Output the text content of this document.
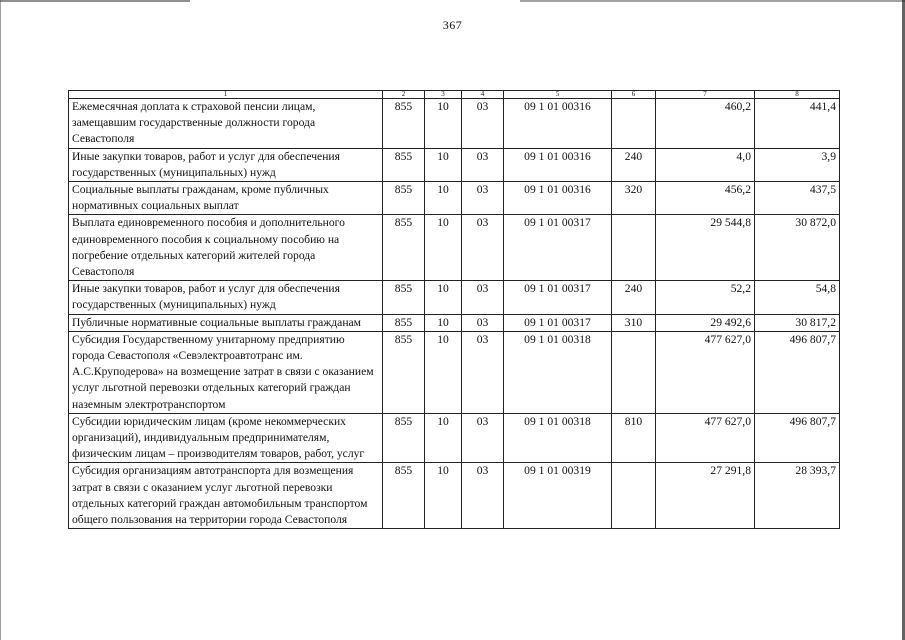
367
1	2	3	4	5	6	7	8
Ежемесячная доплата к страховой пенсии лицам, замещавшим государственные должности города Севастополя	855	10	03	09 1 01 00316		460,2	441,4
Иные закупки товаров, работ и услуг для обеспечения государственных (муниципальных) нужд	855	10	03	09 1 01 00316	240	4,0	3,9
Социальные выплаты гражданам, кроме публичных нормативных социальных выплат	855	10	03	09 1 01 00316	320	456,2	437,5
Выплата единовременного пособия и дополнительного единовременного пособия к социальному пособию на погребение отдельных категорий жителей города Севастополя	855	10	03	09 1 01 00317		29 544,8	30 872,0
Иные закупки товаров, работ и услуг для обеспечения государственных (муниципальных) нужд	855	10	03	09 1 01 00317	240	52,2	54,8
Публичные нормативные социальные выплаты гражданам	855	10	03	09 1 01 00317	310	29 492,6	30 817,2
Субсидия Государственному унитарному предприятию города Севастополя «Севэлектроавтотранс им. А.С.Круподерова» на возмещение затрат в связи с оказанием услуг льготной перевозки отдельных категорий граждан наземным электротранспортом	855	10	03	09 1 01 00318		477 627,0	496 807,7
Субсидии юридическим лицам (кроме некоммерческих организаций), индивидуальным предпринимателям, физическим лицам – производителям товаров, работ, услуг	855	10	03	09 1 01 00318	810	477 627,0	496 807,7
Субсидия организациям автотранспорта для возмещения затрат в связи с оказанием услуг льготной перевозки отдельных категорий граждан автомобильным транспортом общего пользования на территории города Севастополя	855	10	03	09 1 01 00319		27 291,8	28 393,7
